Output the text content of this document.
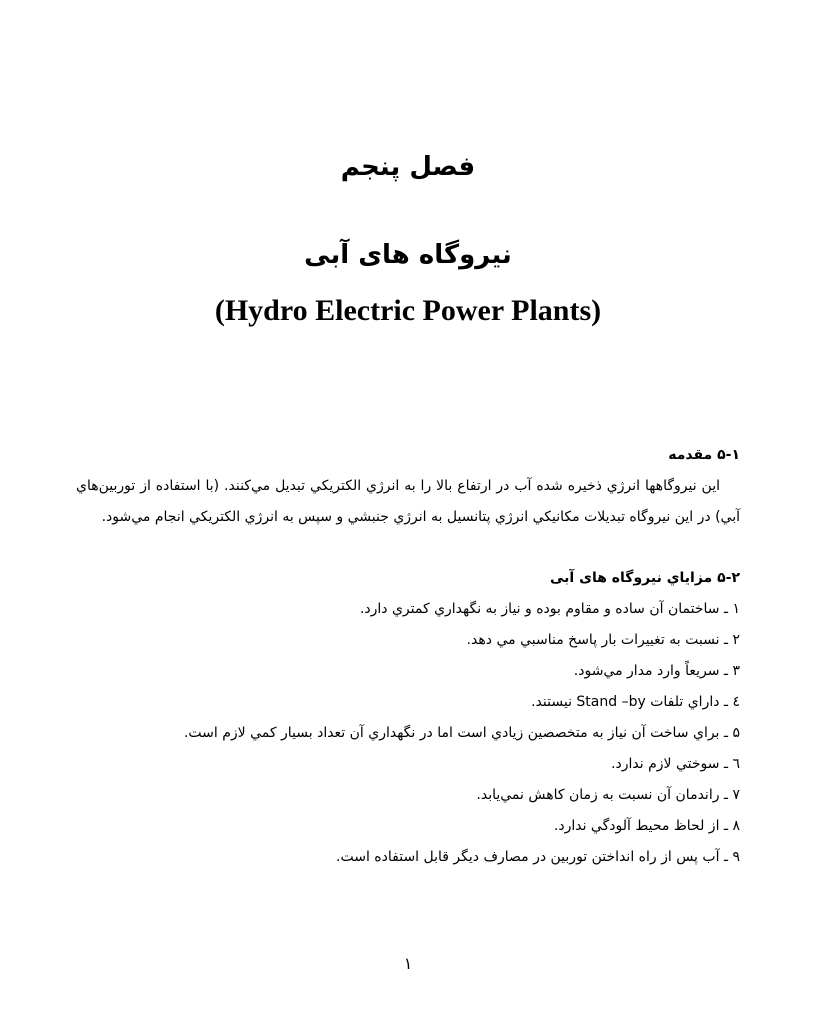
فصل پنجم
نیروگاه های آبی
(Hydro Electric Power Plants)
۵-۱ مقدمه
اين نيروگاهها انرژي ذخيره شده آب در ارتفاع بالا را به انرژي الكتريكي تبديل مي‌كنند. (با استفاده از توربين‌هاي آبي) در اين نيروگاه تبديلات مكانيكي انرژي پتانسيل به انرژي جنبشي و سپس به انرژي الكتريكي انجام مي‌شود.
۵-۲ مزاياي نيروگاه های آبی
۱ ـ ساختمان آن ساده و مقاوم بوده و نياز به نگهداري كمتري دارد.
۲ ـ نسبت به تغييرات بار پاسخ مناسبي مي دهد.
۳ ـ سريعاً وارد مدار مي‌شود.
٤ ـ داراي تلفات Stand –by نيستند.
۵ ـ براي ساخت آن نياز به متخصصين زيادي است اما در نگهداري آن تعداد بسيار كمي لازم است.
٦ ـ سوختي لازم ندارد.
۷ ـ راندمان آن نسبت به زمان كاهش نمي‌يابد.
۸ ـ از لحاظ محيط آلودگي ندارد.
۹ ـ آب پس از راه انداختن توربين در مصارف ديگر قابل استفاده است.
۱
